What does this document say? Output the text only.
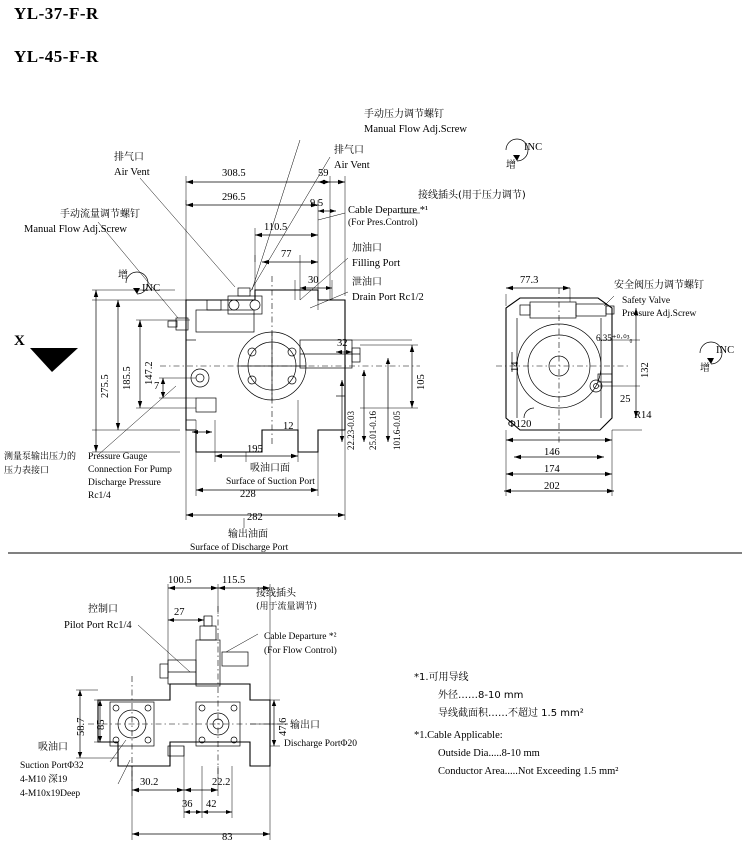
YL-37-F-R
YL-45-F-R
手动压力调节螺钉
Manual Flow Adj.Screw
排气口
Air Vent
排气口
Air Vent
手动流量调节螺钉
Manual Flow Adj.Screw
Cable Departure *¹
(For Pres.Control)
接线插头(用于压力调节)
加油口
Filling Port
泄油口
Drain Port Rc1/2
测量泵输出压力的
压力表接口
Pressure Gauge
Connection For Pump
Discharge Pressure
Rc1/4
吸油口面
Surface of Suction Port
输出油面
Surface of Discharge Port
增
INC
INC
增
X
308.5
296.5
59
9.5
110.5
77
30
32
105
185.5 147.2
275.5	7
12
195
228
282
22.23-0.03 25.01-0.16 101.6-0.05
安全阀压力调节螺钉
Safety Valve
Pressure Adj.Screw
77.3
132
14
25
R14
6.35⁺⁰·⁰³₀
Φ120
146
174
202
INC
增
控制口
Pilot Port Rc1/4
接线插头
(用于流量调节)
Cable Departure *²
(For Flow Control)
输出口
Discharge PortΦ20
吸油口
Suction PortΦ32
4-M10 深19
4-M10x19Deep
100.5	115.5
27
85
58.7	47.6
30.2	22.2
36 42
83
*1.可用导线
外径……8-10 mm
导线截面积……不超过 1.5 mm²
*1.Cable Applicable:
Outside Dia.....8-10 mm
Conductor Area.....Not Exceeding 1.5 mm²
